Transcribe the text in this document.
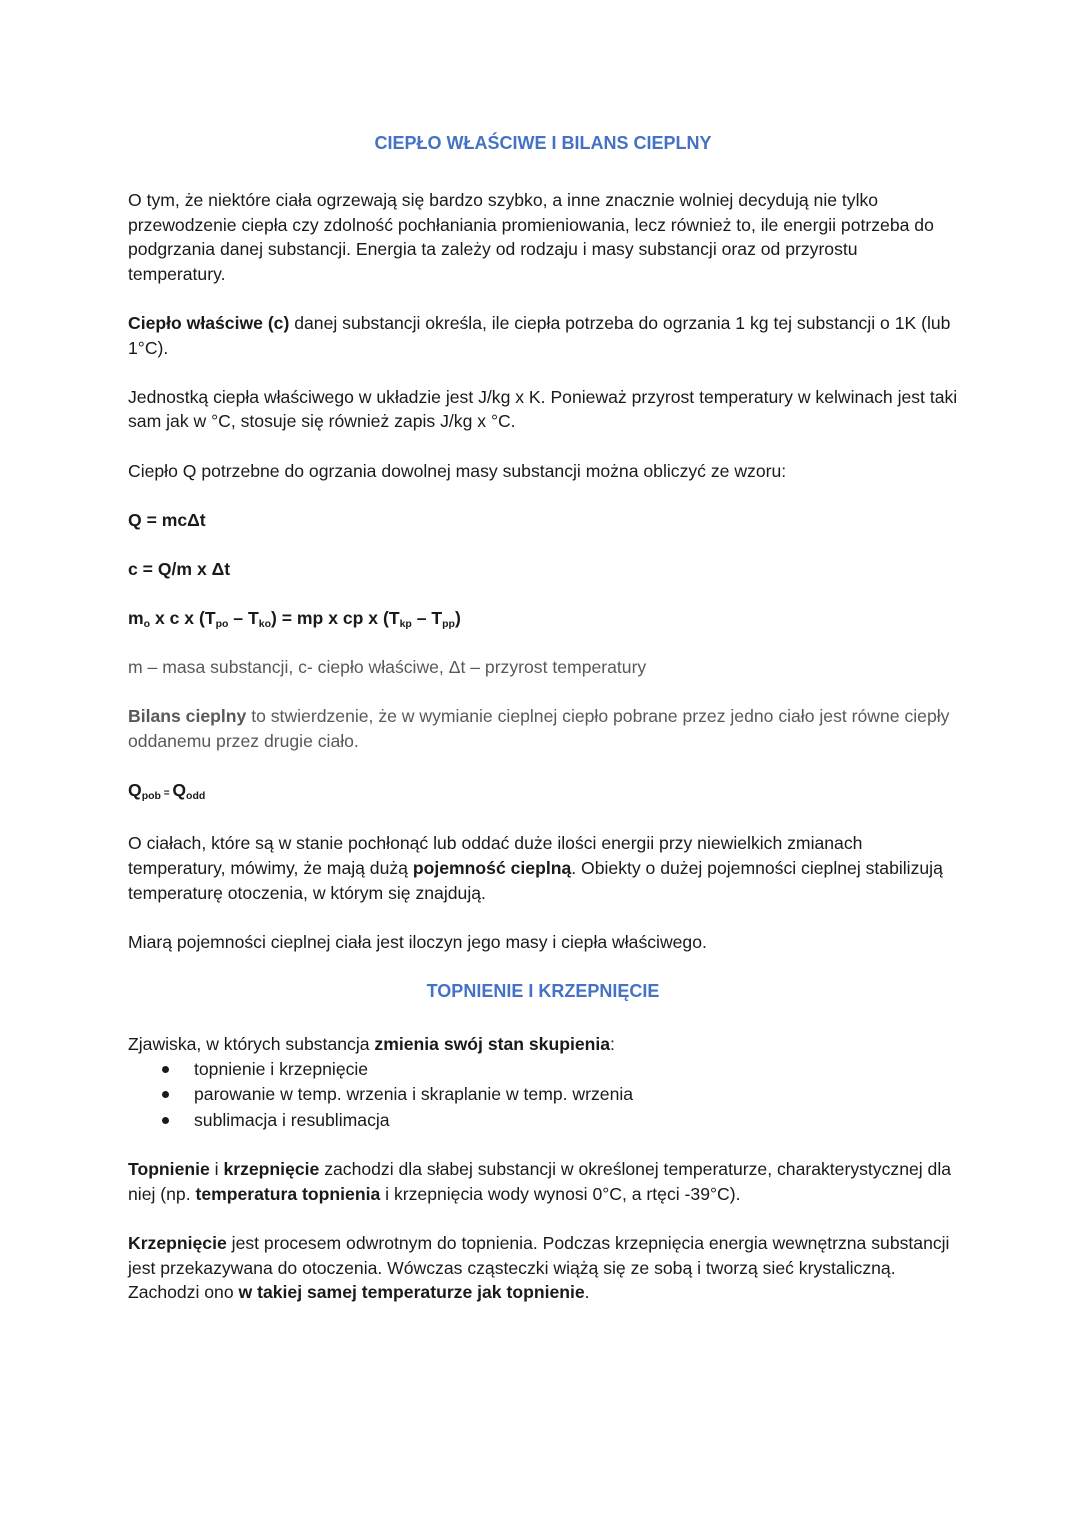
CIEPŁO WŁAŚCIWE I BILANS CIEPLNY

O tym, że niektóre ciała ogrzewają się bardzo szybko, a inne znacznie wolniej decydują nie tylko przewodzenie ciepła czy zdolność pochłaniania promieniowania, lecz również to, ile energii potrzeba do podgrzania danej substancji. Energia ta zależy od rodzaju i masy substancji oraz od przyrostu temperatury.

Ciepło właściwe (c) danej substancji określa, ile ciepła potrzeba do ogrzania 1 kg tej substancji o 1K (lub 1°C).

Jednostką ciepła właściwego w układzie jest J/kg x K. Ponieważ przyrost temperatury w kelwinach jest taki sam jak w °C, stosuje się również zapis J/kg x °C.

Ciepło Q potrzebne do ogrzania dowolnej masy substancji można obliczyć ze wzoru:

Q = mcΔt

c = Q/m x Δt

$m_o$ x c x $(T_{po} - T_{ko})$ = mp x cp x $(T_{kp} - T_{pp})$

m – masa substancji, c- ciepło właściwe, Δt – przyrost temperatury

Bilans cieplny to stwierdzenie, że w wymianie cieplnej ciepło pobrane przez jedno ciało jest równe ciepły oddanemu przez drugie ciało.

$Q_{pob} = Q_{odd}$

O ciałach, które są w stanie pochłonąć lub oddać duże ilości energii przy niewielkich zmianach temperatury, mówimy, że mają dużą pojemność cieplną. Obiekty o dużej pojemności cieplnej stabilizują temperaturę otoczenia, w którym się znajdują.

Miarą pojemności cieplnej ciała jest iloczyn jego masy i ciepła właściwego.

TOPNIENIE I KRZEPNIĘCIE

Zjawiska, w których substancja zmienia swój stan skupienia:

topnienie i krzepnięcie
parowanie w temp. wrzenia i skraplanie w temp. wrzenia
sublimacja i resublimacja

Topnienie i krzepnięcie zachodzi dla słabej substancji w określonej temperaturze, charakterystycznej dla niej (np. temperatura topnienia i krzepnięcia wody wynosi 0°C, a rtęci -39°C).

Krzepnięcie jest procesem odwrotnym do topnienia. Podczas krzepnięcia energia wewnętrzna substancji jest przekazywana do otoczenia. Wówczas cząsteczki wiążą się ze sobą i tworzą sieć krystaliczną. Zachodzi ono w takiej samej temperaturze jak topnienie.
